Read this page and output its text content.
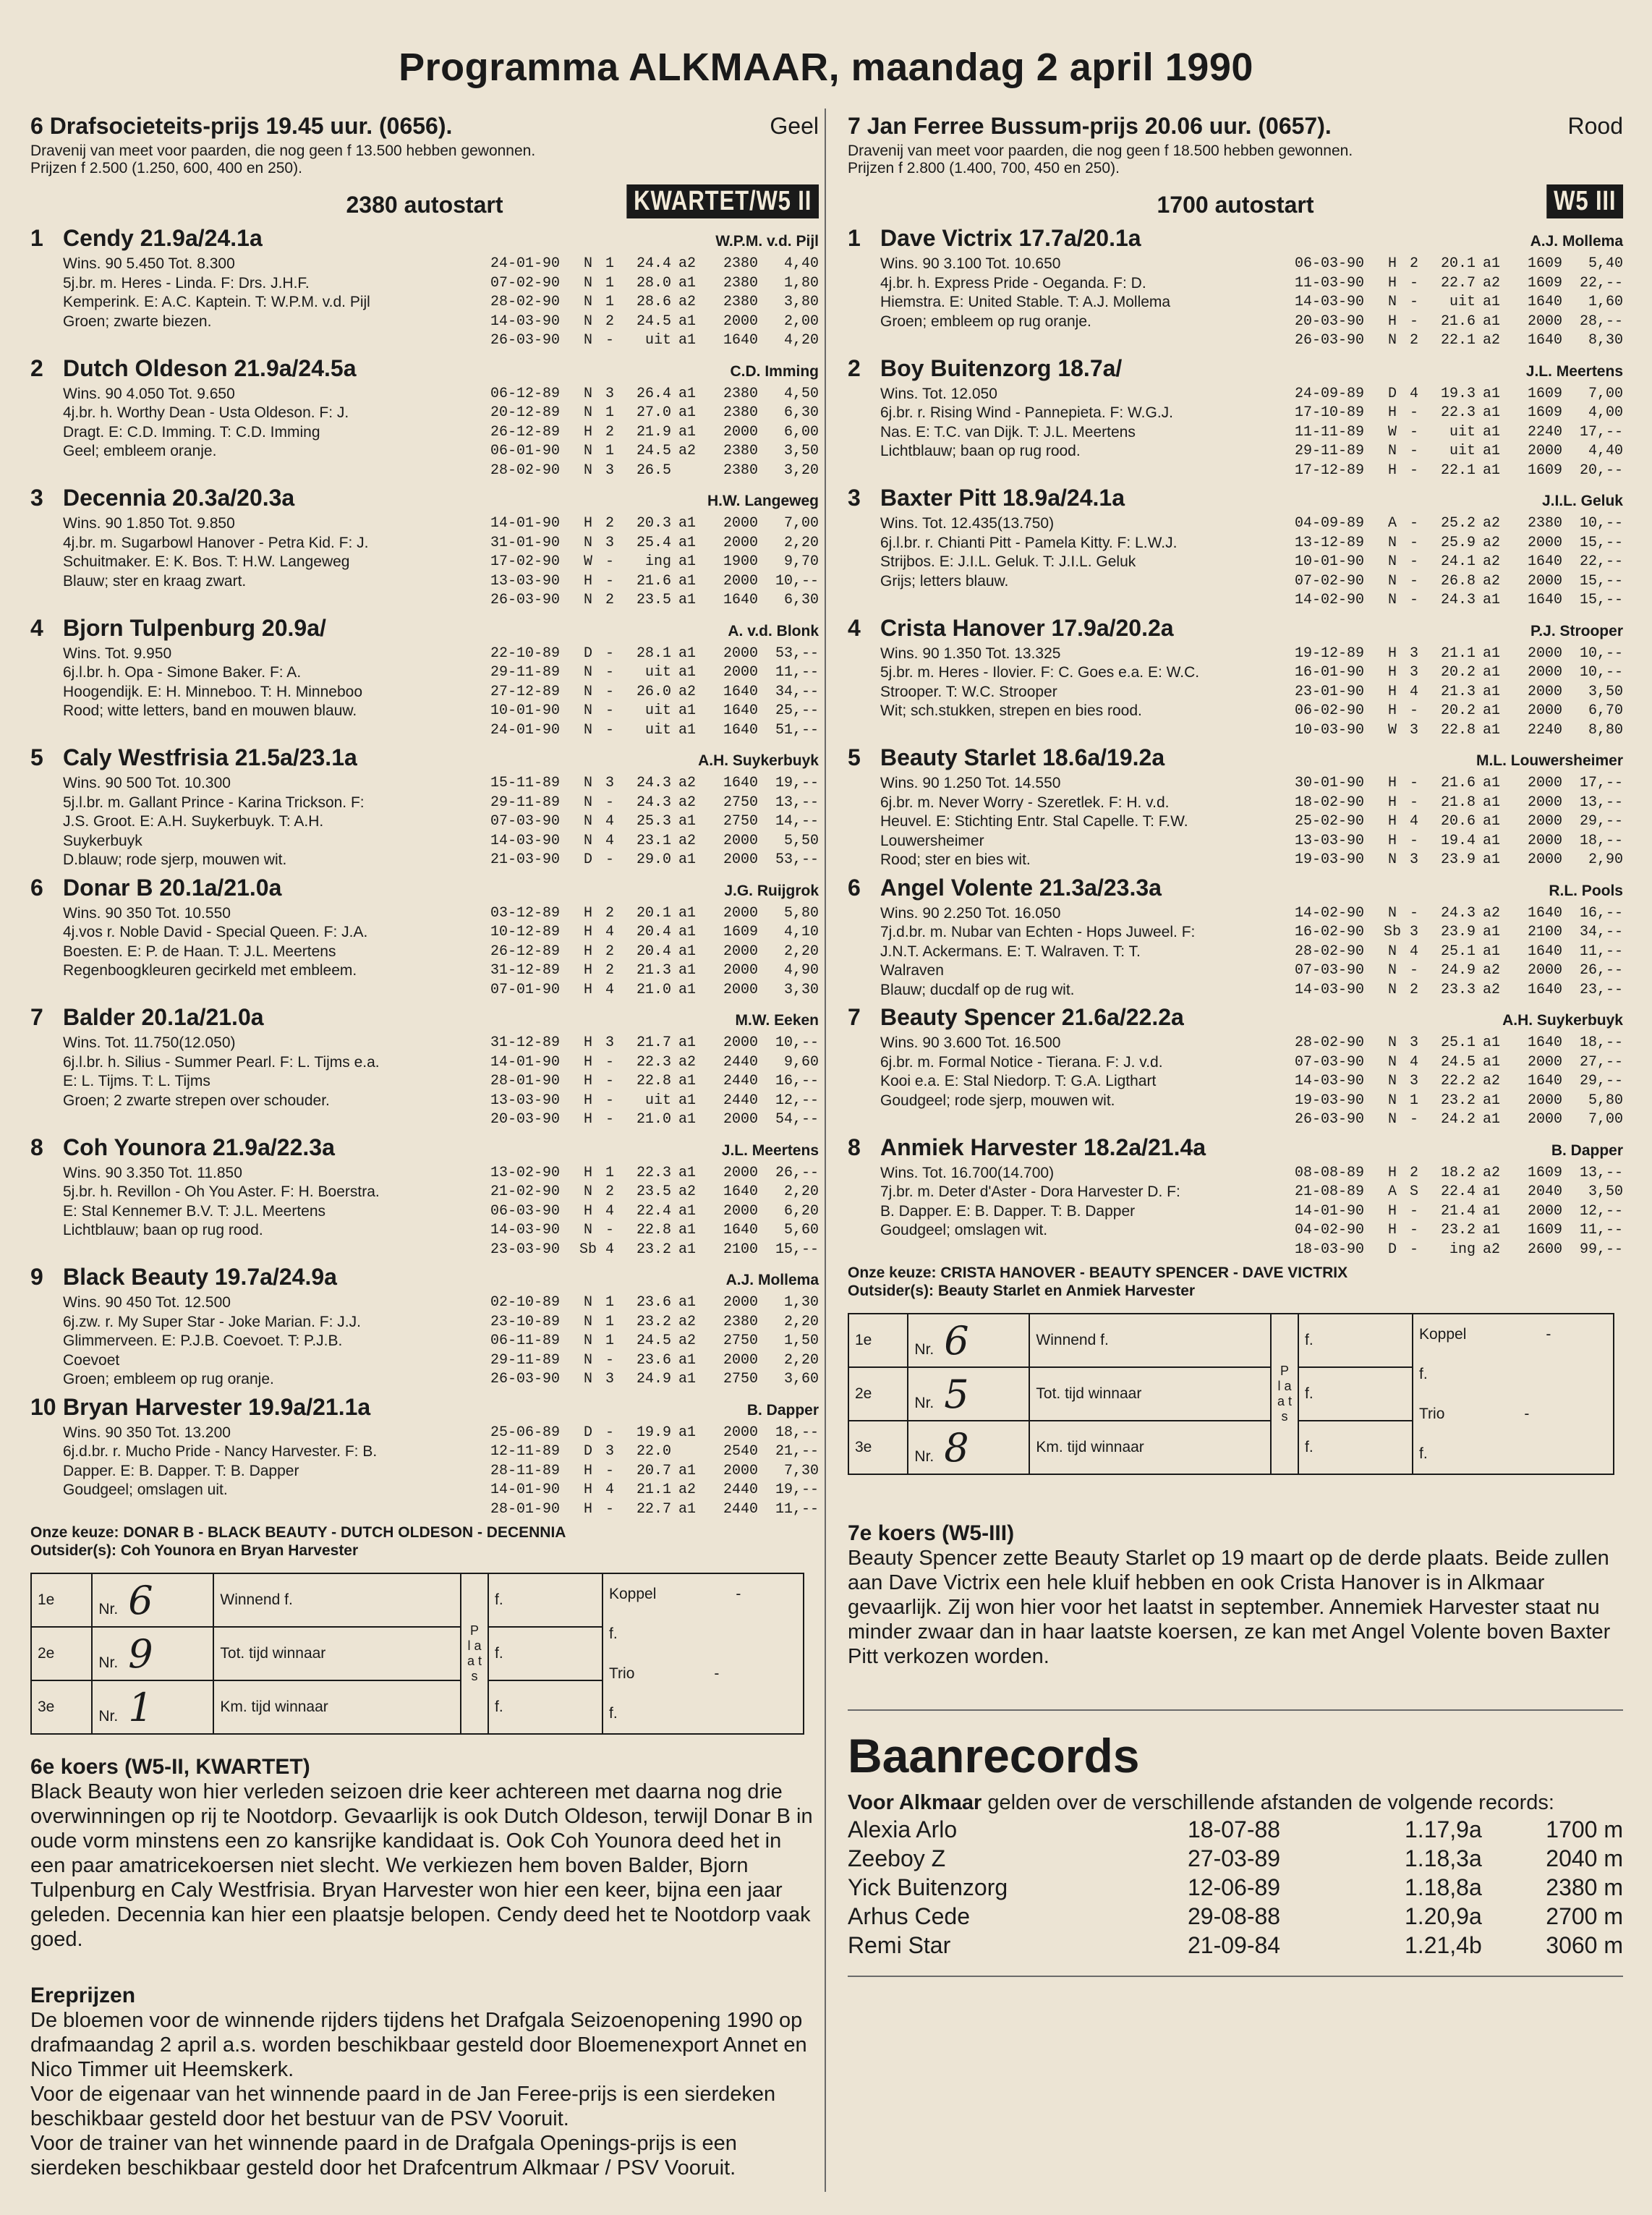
Programma ALKMAAR, maandag 2 april 1990
6 Drafsocieteits-prijs 19.45 uur. (0656).	Geel
Dravenij van meet voor paarden, die nog geen f 13.500 hebben gewonnen.
Prijzen f 2.500 (1.250, 600, 400 en 250).
2380 autostart	KWARTET/W5 II
1 Cendy 21.9a/24.1a	W.P.M. v.d. Pijl
Wins. 90 5.450 Tot. 8.300
5j.br. m. Heres - Linda. F: Drs. J.H.F.
Kemperink. E: A.C. Kaptein. T: W.P.M. v.d. Pijl
Groen; zwarte biezen.
24-01-90	N 1	24.4 a2	2380	4,40
07-02-90	N 1	28.0 a1	2380	1,80
28-02-90	N 1	28.6 a2	2380	3,80
14-03-90	N 2	24.5 a1	2000	2,00
26-03-90	N -	uit a1	1640	4,20
2 Dutch Oldeson 21.9a/24.5a	C.D. Imming
Wins. 90 4.050 Tot. 9.650
4j.br. h. Worthy Dean - Usta Oldeson. F: J.
Dragt. E: C.D. Imming. T: C.D. Imming
Geel; embleem oranje.
06-12-89	N 3	26.4 a1	2380	4,50
20-12-89	N 1	27.0 a1	2380	6,30
26-12-89	H 2	21.9 a1	2000	6,00
06-01-90	N 1	24.5 a2	2380	3,50
28-02-90	N 3	26.5	2380	3,20
3 Decennia 20.3a/20.3a	H.W. Langeweg
Wins. 90 1.850 Tot. 9.850
4j.br. m. Sugarbowl Hanover - Petra Kid. F: J.
Schuitmaker. E: K. Bos. T: H.W. Langeweg
Blauw; ster en kraag zwart.
14-01-90	H 2	20.3 a1	2000	7,00
31-01-90	N 3	25.4 a1	2000	2,20
17-02-90	W -	ing a1	1900	9,70
13-03-90	H -	21.6 a1	2000	10,--
26-03-90	N 2	23.5 a1	1640	6,30
4 Bjorn Tulpenburg 20.9a/	A. v.d. Blonk
Wins. Tot. 9.950
6j.l.br. h. Opa - Simone Baker. F: A.
Hoogendijk. E: H. Minneboo. T: H. Minneboo
Rood; witte letters, band en mouwen blauw.
22-10-89	D -	28.1 a1	2000	53,--
29-11-89	N -	uit a1	2000	11,--
27-12-89	N -	26.0 a2	1640	34,--
10-01-90	N -	uit a1	1640	25,--
24-01-90	N -	uit a1	1640	51,--
5 Caly Westfrisia 21.5a/23.1a	A.H. Suykerbuyk
Wins. 90 500 Tot. 10.300
5j.l.br. m. Gallant Prince - Karina Trickson. F:
J.S. Groot. E: A.H. Suykerbuyk. T: A.H.
Suykerbuyk
D.blauw; rode sjerp, mouwen wit.
15-11-89	N 3	24.3 a2	1640	19,--
29-11-89	N -	24.3 a2	2750	13,--
07-03-90	N 4	25.3 a1	2750	14,--
14-03-90	N 4	23.1 a2	2000	5,50
21-03-90	D -	29.0 a1	2000	53,--
6 Donar B 20.1a/21.0a	J.G. Ruijgrok
Wins. 90 350 Tot. 10.550
4j.vos r. Noble David - Special Queen. F: J.A.
Boesten. E: P. de Haan. T: J.L. Meertens
Regenboogkleuren gecirkeld met embleem.
03-12-89	H 2	20.1 a1	2000	5,80
10-12-89	H 4	20.4 a1	1609	4,10
26-12-89	H 2	20.4 a1	2000	2,20
31-12-89	H 2	21.3 a1	2000	4,90
07-01-90	H 4	21.0 a1	2000	3,30
7 Balder 20.1a/21.0a	M.W. Eeken
Wins. Tot. 11.750(12.050)
6j.l.br. h. Silius - Summer Pearl. F: L. Tijms e.a.
E: L. Tijms. T: L. Tijms
Groen; 2 zwarte strepen over schouder.
31-12-89	H 3	21.7 a1	2000	10,--
14-01-90	H -	22.3 a2	2440	9,60
28-01-90	H -	22.8 a1	2440	16,--
13-03-90	H -	uit a1	2440	12,--
20-03-90	H -	21.0 a1	2000	54,--
8 Coh Younora 21.9a/22.3a	J.L. Meertens
Wins. 90 3.350 Tot. 11.850
5j.br. h. Revillon - Oh You Aster. F: H. Boerstra.
E: Stal Kennemer B.V. T: J.L. Meertens
Lichtblauw; baan op rug rood.
13-02-90	H 1	22.3 a1	2000	26,--
21-02-90	N 2	23.5 a2	1640	2,20
06-03-90	H 4	22.4 a1	2000	6,20
14-03-90	N -	22.8 a1	1640	5,60
23-03-90	Sb 4	23.2 a1	2100	15,--
9 Black Beauty 19.7a/24.9a	A.J. Mollema
Wins. 90 450 Tot. 12.500
6j.zw. r. My Super Star - Joke Marian. F: J.J.
Glimmerveen. E: P.J.B. Coevoet. T: P.J.B.
Coevoet
Groen; embleem op rug oranje.
02-10-89	N 1	23.6 a1	2000	1,30
23-10-89	N 1	23.2 a2	2380	2,20
06-11-89	N 1	24.5 a2	2750	1,50
29-11-89	N -	23.6 a1	2000	2,20
26-03-90	N 3	24.9 a1	2750	3,60
10 Bryan Harvester 19.9a/21.1a	B. Dapper
Wins. 90 350 Tot. 13.200
6j.d.br. r. Mucho Pride - Nancy Harvester. F: B.
Dapper. E: B. Dapper. T: B. Dapper
Goudgeel; omslagen uit.
25-06-89	D -	19.9 a1	2000	18,--
12-11-89	D 3	22.0	2540	21,--
28-11-89	H -	20.7 a1	2000	7,30
14-01-90	H 4	21.1 a2	2440	19,--
28-01-90	H -	22.7 a1	2440	11,--
Onze keuze: DONAR B - BLACK BEAUTY - DUTCH OLDESON - DECENNIA
Outsider(s): Coh Younora en Bryan Harvester
1e	Nr. 6	Winnend f.	P l a a t s	f.	Koppel -
f.
Trio -
f.

2e	Nr. 9	Tot. tijd winnaar		f.	
3e	Nr. 1	Km. tijd winnaar		f.	
6e koers (W5-II, KWARTET)
Black Beauty won hier verleden seizoen drie keer achtereen met daarna nog drie overwinningen op rij te Nootdorp. Gevaarlijk is ook Dutch Oldeson, terwijl Donar B in oude vorm minstens een zo kansrijke kandidaat is. Ook Coh Younora deed het in een paar amatricekoersen niet slecht. We verkiezen hem boven Balder, Bjorn Tulpenburg en Caly Westfrisia. Bryan Harvester won hier een keer, bijna een jaar geleden. Decennia kan hier een plaatsje belopen. Cendy deed het te Nootdorp vaak goed.
Ereprijzen
De bloemen voor de winnende rijders tijdens het Drafgala Seizoenopening 1990 op drafmaandag 2 april a.s. worden beschikbaar gesteld door Bloemenexport Annet en Nico Timmer uit Heemskerk.
Voor de eigenaar van het winnende paard in de Jan Feree-prijs is een sierdeken beschikbaar gesteld door het bestuur van de PSV Vooruit.
Voor de trainer van het winnende paard in de Drafgala Openings-prijs is een sierdeken beschikbaar gesteld door het Drafcentrum Alkmaar / PSV Vooruit.
7 Jan Ferree Bussum-prijs 20.06 uur. (0657).	Rood
Dravenij van meet voor paarden, die nog geen f 18.500 hebben gewonnen.
Prijzen f 2.800 (1.400, 700, 450 en 250).
1700 autostart	W5 III
1 Dave Victrix 17.7a/20.1a	A.J. Mollema
Wins. 90 3.100 Tot. 10.650
4j.br. h. Express Pride - Oeganda. F: D.
Hiemstra. E: United Stable. T: A.J. Mollema
Groen; embleem op rug oranje.
06-03-90	H 2	20.1 a1	1609	5,40
11-03-90	H -	22.7 a2	1609	22,--
14-03-90	N -	uit a1	1640	1,60
20-03-90	H -	21.6 a1	2000	28,--
26-03-90	N 2	22.1 a2	1640	8,30
2 Boy Buitenzorg 18.7a/	J.L. Meertens
Wins. Tot. 12.050
6j.br. r. Rising Wind - Pannepieta. F: W.G.J.
Nas. E: T.C. van Dijk. T: J.L. Meertens
Lichtblauw; baan op rug rood.
24-09-89	D 4	19.3 a1	1609	7,00
17-10-89	H -	22.3 a1	1609	4,00
11-11-89	W -	uit a1	2240	17,--
29-11-89	N -	uit a1	2000	4,40
17-12-89	H -	22.1 a1	1609	20,--
3 Baxter Pitt 18.9a/24.1a	J.I.L. Geluk
Wins. Tot. 12.435(13.750)
6j.l.br. r. Chianti Pitt - Pamela Kitty. F: L.W.J.
Strijbos. E: J.I.L. Geluk. T: J.I.L. Geluk
Grijs; letters blauw.
04-09-89	A -	25.2 a2	2380	10,--
13-12-89	N -	25.9 a2	2000	15,--
10-01-90	N -	24.1 a2	1640	22,--
07-02-90	N -	26.8 a2	2000	15,--
14-02-90	N -	24.3 a1	1640	15,--
4 Crista Hanover 17.9a/20.2a	P.J. Strooper
Wins. 90 1.350 Tot. 13.325
5j.br. m. Heres - Ilovier. F: C. Goes e.a. E: W.C.
Strooper. T: W.C. Strooper
Wit; sch.stukken, strepen en bies rood.
19-12-89	H 3	21.1 a1	2000	10,--
16-01-90	H 3	20.2 a1	2000	10,--
23-01-90	H 4	21.3 a1	2000	3,50
06-02-90	H -	20.2 a1	2000	6,70
10-03-90	W 3	22.8 a1	2240	8,80
5 Beauty Starlet 18.6a/19.2a	M.L. Louwersheimer
Wins. 90 1.250 Tot. 14.550
6j.br. m. Never Worry - Szeretlek. F: H. v.d.
Heuvel. E: Stichting Entr. Stal Capelle. T: F.W.
Louwersheimer
Rood; ster en bies wit.
30-01-90	H -	21.6 a1	2000	17,--
18-02-90	H -	21.8 a1	2000	13,--
25-02-90	H 4	20.6 a1	2000	29,--
13-03-90	H -	19.4 a1	2000	18,--
19-03-90	N 3	23.9 a1	2000	2,90
6 Angel Volente 21.3a/23.3a	R.L. Pools
Wins. 90 2.250 Tot. 16.050
7j.d.br. m. Nubar van Echten - Hops Juweel. F:
J.N.T. Ackermans. E: T. Walraven. T: T.
Walraven
Blauw; ducdalf op de rug wit.
14-02-90	N -	24.3 a2	1640	16,--
16-02-90	Sb 3	23.9 a1	2100	34,--
28-02-90	N 4	25.1 a1	1640	11,--
07-03-90	N -	24.9 a2	2000	26,--
14-03-90	N 2	23.3 a2	1640	23,--
7 Beauty Spencer 21.6a/22.2a	A.H. Suykerbuyk
Wins. 90 3.600 Tot. 16.500
6j.br. m. Formal Notice - Tierana. F: J. v.d.
Kooi e.a. E: Stal Niedorp. T: G.A. Ligthart
Goudgeel; rode sjerp, mouwen wit.
28-02-90	N 3	25.1 a1	1640	18,--
07-03-90	N 4	24.5 a1	2000	27,--
14-03-90	N 3	22.2 a2	1640	29,--
19-03-90	N 1	23.2 a1	2000	5,80
26-03-90	N -	24.2 a1	2000	7,00
8 Anmiek Harvester 18.2a/21.4a	B. Dapper
Wins. Tot. 16.700(14.700)
7j.br. m. Deter d'Aster - Dora Harvester D. F:
B. Dapper. E: B. Dapper. T: B. Dapper
Goudgeel; omslagen wit.
08-08-89	H 2	18.2 a2	1609	13,--
21-08-89	A S	22.4 a1	2040	3,50
14-01-90	H -	21.4 a1	2000	12,--
04-02-90	H -	23.2 a1	1609	11,--
18-03-90	D -	ing a2	2600	99,--
Onze keuze: CRISTA HANOVER - BEAUTY SPENCER - DAVE VICTRIX
Outsider(s): Beauty Starlet en Anmiek Harvester
1e	Nr. 6	Winnend f.	P l a a t s	f.	Koppel -
f.
Trio -
f.

2e	Nr. 5	Tot. tijd winnaar		f.	
3e	Nr. 8	Km. tijd winnaar		f.	
7e koers (W5-III)
Beauty Spencer zette Beauty Starlet op 19 maart op de derde plaats. Beide zullen aan Dave Victrix een hele kluif hebben en ook Crista Hanover is in Alkmaar gevaarlijk. Zij won hier voor het laatst in september. Annemiek Harvester staat nu minder zwaar dan in haar laatste koersen, ze kan met Angel Volente boven Baxter Pitt verkozen worden.
Baanrecords
Voor Alkmaar gelden over de verschillende afstanden de volgende records:
Alexia Arlo	18-07-88	1.17,9a	1700 m
Zeeboy Z	27-03-89	1.18,3a	2040 m
Yick Buitenzorg	12-06-89	1.18,8a	2380 m
Arhus Cede	29-08-88	1.20,9a	2700 m
Remi Star	21-09-84	1.21,4b	3060 m
